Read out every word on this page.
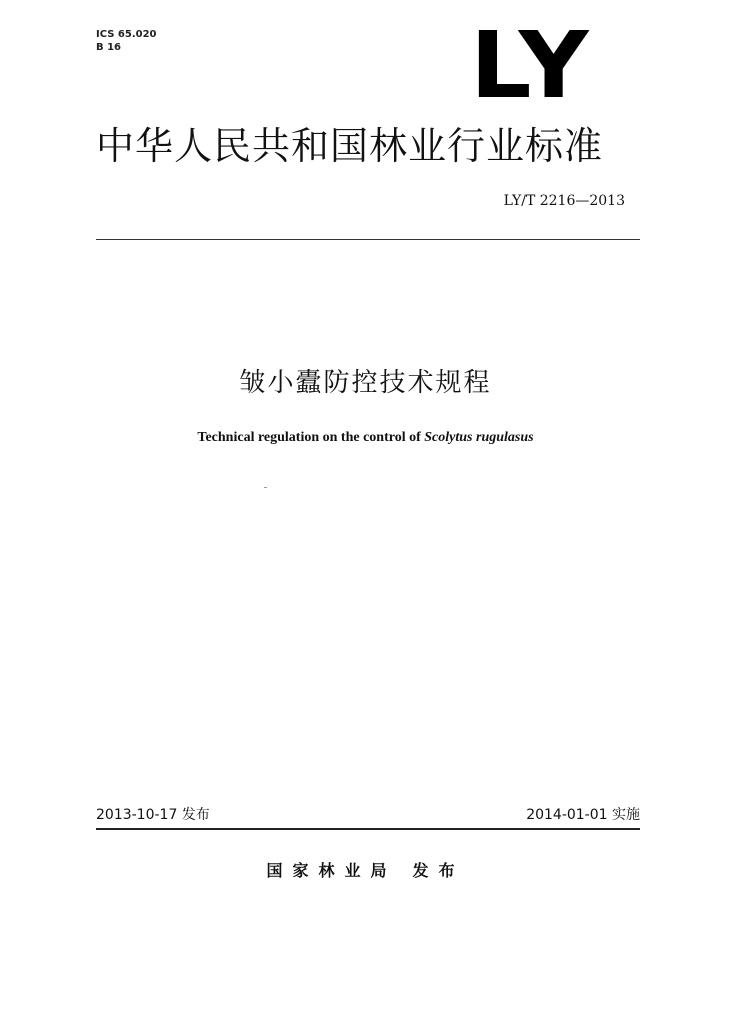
ICS 65.020
B 16	LY
中华人民共和国林业行业标准
LY/T 2216—2013
皱小蠹防控技术规程
Technical regulation on the control of Scolytus rugulasus
2013-10-17 发布	2014-01-01 实施
国家林业局 发布
